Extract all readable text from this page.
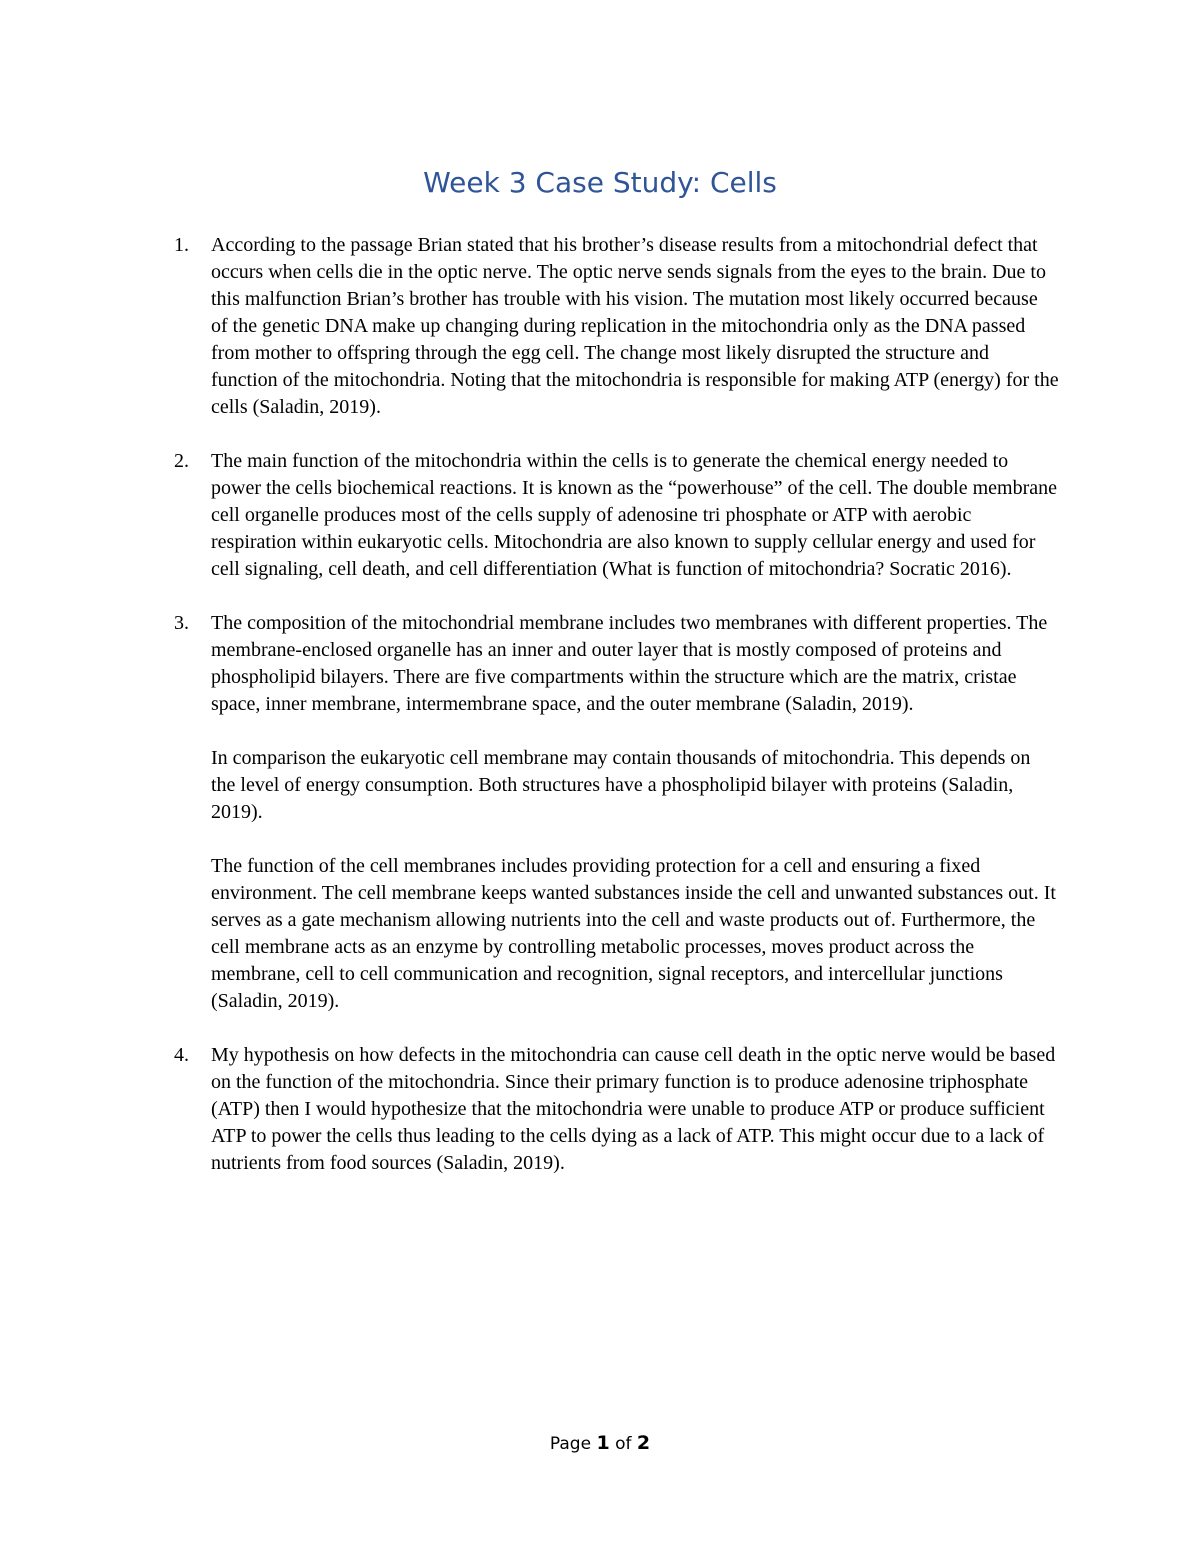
Week 3 Case Study: Cells
1. According to the passage Brian stated that his brother’s disease results from a mitochondrial defect that occurs when cells die in the optic nerve. The optic nerve sends signals from the eyes to the brain. Due to this malfunction Brian’s brother has trouble with his vision. The mutation most likely occurred because of the genetic DNA make up changing during replication in the mitochondria only as the DNA passed from mother to offspring through the egg cell. The change most likely disrupted the structure and function of the mitochondria. Noting that the mitochondria is responsible for making ATP (energy) for the cells (Saladin, 2019).

2. The main function of the mitochondria within the cells is to generate the chemical energy needed to power the cells biochemical reactions. It is known as the “powerhouse” of the cell. The double membrane cell organelle produces most of the cells supply of adenosine tri phosphate or ATP with aerobic respiration within eukaryotic cells. Mitochondria are also known to supply cellular energy and used for cell signaling, cell death, and cell differentiation (What is function of mitochondria? Socratic 2016).

3. The composition of the mitochondrial membrane includes two membranes with different properties. The membrane-enclosed organelle has an inner and outer layer that is mostly composed of proteins and phospholipid bilayers. There are five compartments within the structure which are the matrix, cristae space, inner membrane, intermembrane space, and the outer membrane (Saladin, 2019).

In comparison the eukaryotic cell membrane may contain thousands of mitochondria. This depends on the level of energy consumption. Both structures have a phospholipid bilayer with proteins (Saladin, 2019).

The function of the cell membranes includes providing protection for a cell and ensuring a fixed environment. The cell membrane keeps wanted substances inside the cell and unwanted substances out. It serves as a gate mechanism allowing nutrients into the cell and waste products out of. Furthermore, the cell membrane acts as an enzyme by controlling metabolic processes, moves product across the membrane, cell to cell communication and recognition, signal receptors, and intercellular junctions (Saladin, 2019).

4. My hypothesis on how defects in the mitochondria can cause cell death in the optic nerve would be based on the function of the mitochondria. Since their primary function is to produce adenosine triphosphate (ATP) then I would hypothesize that the mitochondria were unable to produce ATP or produce sufficient ATP to power the cells thus leading to the cells dying as a lack of ATP. This might occur due to a lack of nutrients from food sources (Saladin, 2019).

Page 1 of 2
